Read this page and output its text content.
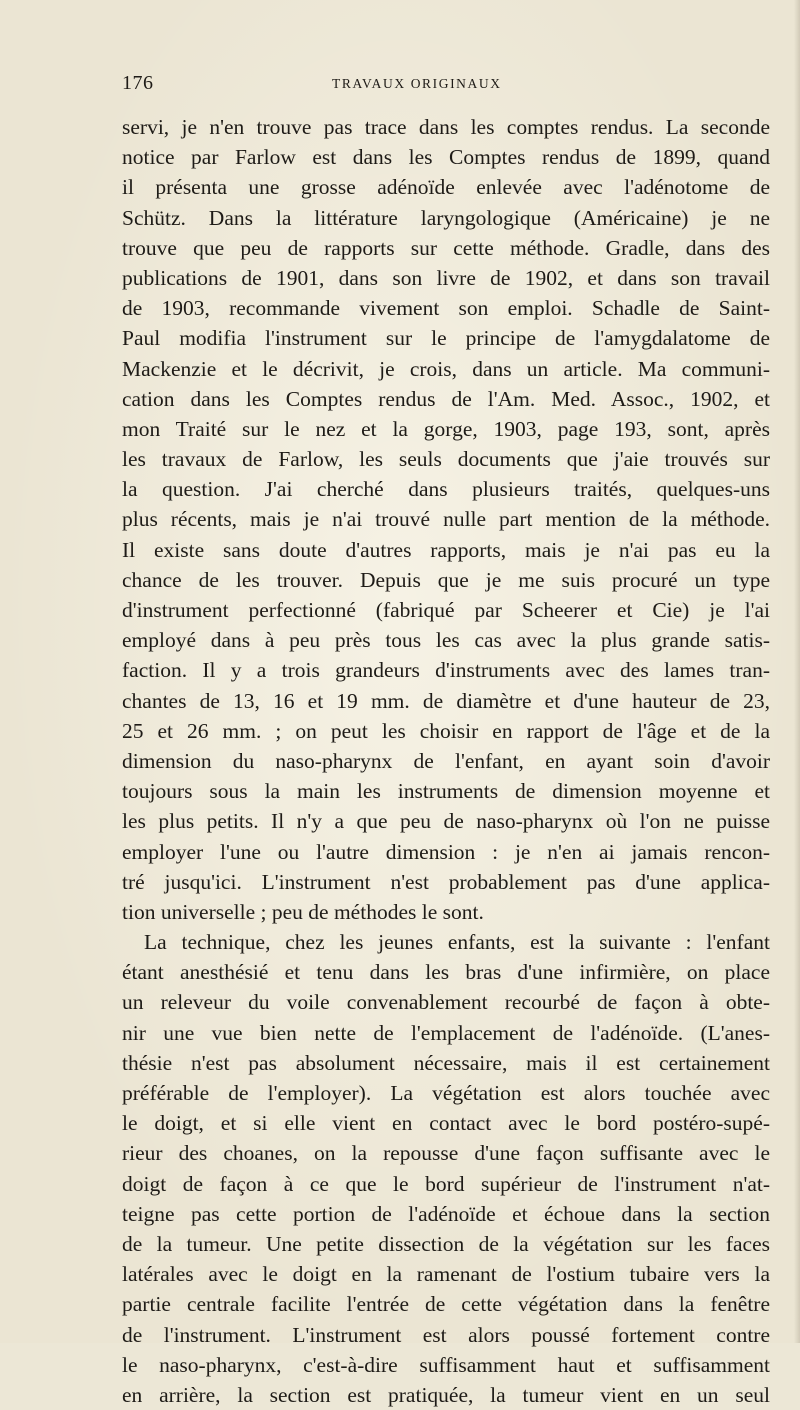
176	TRAVAUX ORIGINAUX
servi, je n'en trouve pas trace dans les comptes rendus. La seconde
notice par Farlow est dans les Comptes rendus de 1899, quand
il présenta une grosse adénoïde enlevée avec l'adénotome de
Schütz. Dans la littérature laryngologique (Américaine) je ne
trouve que peu de rapports sur cette méthode. Gradle, dans des
publications de 1901, dans son livre de 1902, et dans son travail
de 1903, recommande vivement son emploi. Schadle de Saint-
Paul modifia l'instrument sur le principe de l'amygdalatome de
Mackenzie et le décrivit, je crois, dans un article. Ma communi-
cation dans les Comptes rendus de l'Am. Med. Assoc., 1902, et
mon Traité sur le nez et la gorge, 1903, page 193, sont, après
les travaux de Farlow, les seuls documents que j'aie trouvés sur
la question. J'ai cherché dans plusieurs traités, quelques-uns
plus récents, mais je n'ai trouvé nulle part mention de la méthode.
Il existe sans doute d'autres rapports, mais je n'ai pas eu la
chance de les trouver. Depuis que je me suis procuré un type
d'instrument perfectionné (fabriqué par Scheerer et Cie) je l'ai
employé dans à peu près tous les cas avec la plus grande satis-
faction. Il y a trois grandeurs d'instruments avec des lames tran-
chantes de 13, 16 et 19 mm. de diamètre et d'une hauteur de 23,
25 et 26 mm. ; on peut les choisir en rapport de l'âge et de la
dimension du naso-pharynx de l'enfant, en ayant soin d'avoir
toujours sous la main les instruments de dimension moyenne et
les plus petits. Il n'y a que peu de naso-pharynx où l'on ne puisse
employer l'une ou l'autre dimension : je n'en ai jamais rencon-
tré jusqu'ici. L'instrument n'est probablement pas d'une applica-
tion universelle ; peu de méthodes le sont.
La technique, chez les jeunes enfants, est la suivante : l'enfant
étant anesthésié et tenu dans les bras d'une infirmière, on place
un releveur du voile convenablement recourbé de façon à obte-
nir une vue bien nette de l'emplacement de l'adénoïde. (L'anes-
thésie n'est pas absolument nécessaire, mais il est certainement
préférable de l'employer). La végétation est alors touchée avec
le doigt, et si elle vient en contact avec le bord postéro-supé-
rieur des choanes, on la repousse d'une façon suffisante avec le
doigt de façon à ce que le bord supérieur de l'instrument n'at-
teigne pas cette portion de l'adénoïde et échoue dans la section
de la tumeur. Une petite dissection de la végétation sur les faces
latérales avec le doigt en la ramenant de l'ostium tubaire vers la
partie centrale facilite l'entrée de cette végétation dans la fenêtre
de l'instrument. L'instrument est alors poussé fortement contre
le naso-pharynx, c'est-à-dire suffisamment haut et suffisamment
en arrière, la section est pratiquée, la tumeur vient en un seul
